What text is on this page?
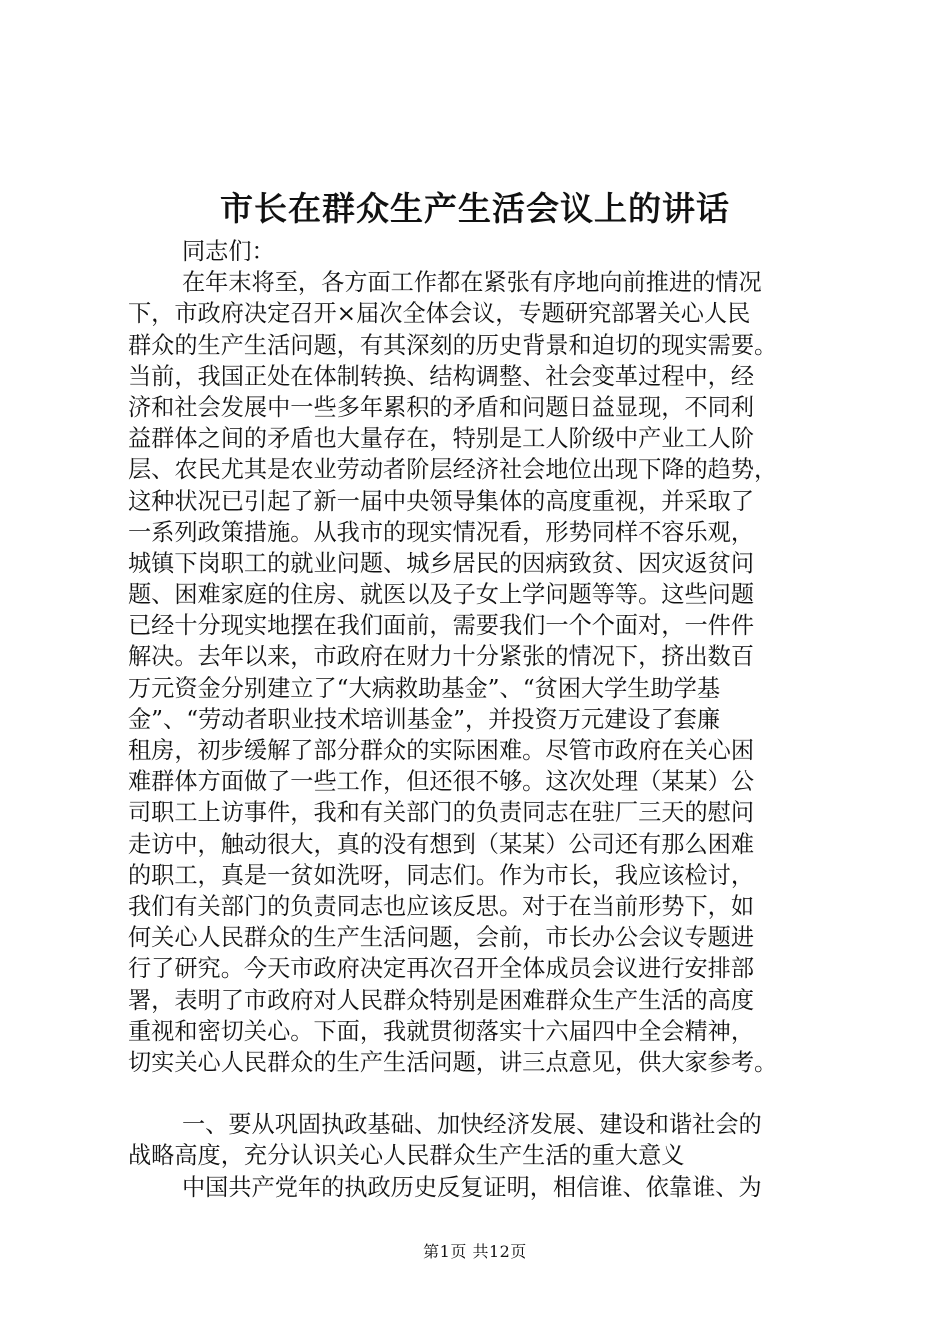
市长在群众生产生活会议上的讲话
同志们：
在年末将至，各方面工作都在紧张有序地向前推进的情况
下，市政府决定召开×届次全体会议，专题研究部署关心人民
群众的生产生活问题，有其深刻的历史背景和迫切的现实需要。
当前，我国正处在体制转换、结构调整、社会变革过程中，经
济和社会发展中一些多年累积的矛盾和问题日益显现，不同利
益群体之间的矛盾也大量存在，特别是工人阶级中产业工人阶
层、农民尤其是农业劳动者阶层经济社会地位出现下降的趋势，
这种状况已引起了新一届中央领导集体的高度重视，并采取了
一系列政策措施。从我市的现实情况看，形势同样不容乐观，
城镇下岗职工的就业问题、城乡居民的因病致贫、因灾返贫问
题、困难家庭的住房、就医以及子女上学问题等等。这些问题
已经十分现实地摆在我们面前，需要我们一个个面对，一件件
解决。去年以来，市政府在财力十分紧张的情况下，挤出数百
万元资金分别建立了“大病救助基金”、“贫困大学生助学基
金”、“劳动者职业技术培训基金”，并投资万元建设了套廉
租房，初步缓解了部分群众的实际困难。尽管市政府在关心困
难群体方面做了一些工作，但还很不够。这次处理（某某）公
司职工上访事件，我和有关部门的负责同志在驻厂三天的慰问
走访中，触动很大，真的没有想到（某某）公司还有那么困难
的职工，真是一贫如洗呀，同志们。作为市长，我应该检讨，
我们有关部门的负责同志也应该反思。对于在当前形势下，如
何关心人民群众的生产生活问题，会前，市长办公会议专题进
行了研究。今天市政府决定再次召开全体成员会议进行安排部
署，表明了市政府对人民群众特别是困难群众生产生活的高度
重视和密切关心。下面，我就贯彻落实十六届四中全会精神，
切实关心人民群众的生产生活问题，讲三点意见，供大家参考。
一、要从巩固执政基础、加快经济发展、建设和谐社会的
战略高度，充分认识关心人民群众生产生活的重大意义
中国共产党年的执政历史反复证明，相信谁、依靠谁、为
第1页 共12页
